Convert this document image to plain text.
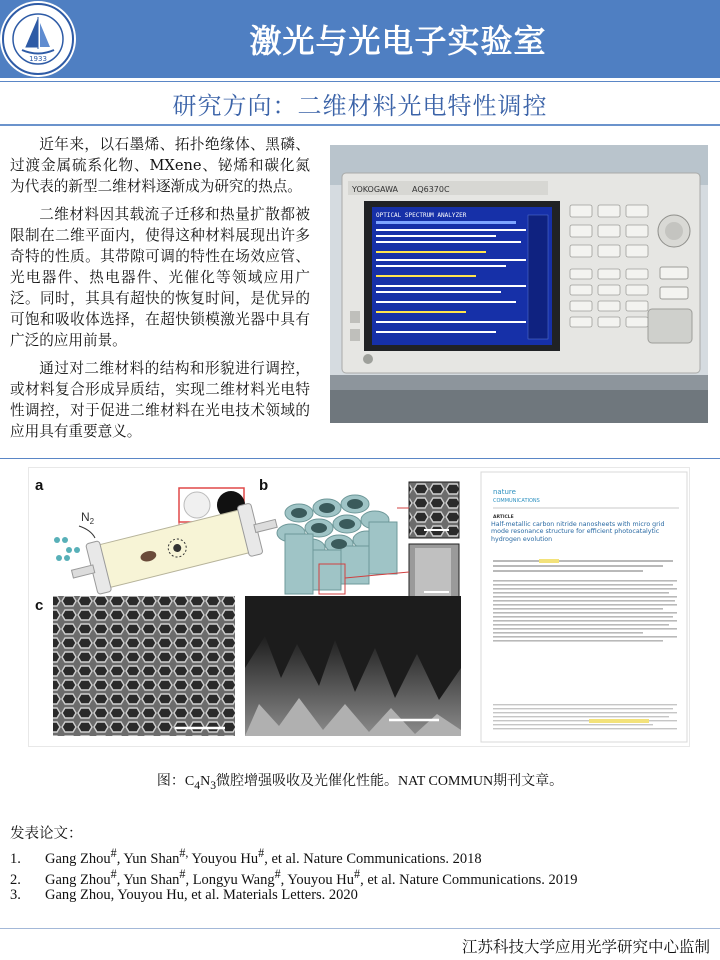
1933	激光与光电子实验室
研究方向：二维材料光电特性调控

近年来，以石墨烯、拓扑绝缘体、黑磷、过渡金属硫系化物、MXene、铋烯和碳化氮为代表的新型二维材料逐渐成为研究的热点。

二维材料因其载流子迁移和热量扩散都被限制在二维平面内，使得这种材料展现出许多奇特的性质。其带隙可调的特性在场效应管、光电器件、热电器件、光催化等领域应用广泛。同时，其具有超快的恢复时间，是优异的可饱和吸收体选择，在超快锁模激光器中具有广泛的应用前景。

通过对二维材料的结构和形貌进行调控，或材料复合形成异质结，实现二维材料光电特性调控，对于促进二维材料在光电技术领域的应用具有重要意义。

YOKOGAWA AQ6370C
OPTICAL SPECTRUM ANALYZER
a
$N_2$
b
c
nature
COMMUNICATIONS
ARTICLE
Half-metallic carbon nitride nanosheets with micro grid mode resonance structure for efficient photocatalytic hydrogen evolution
图：$C_4N_3$微腔增强吸收及光催化性能。NAT COMMUN期刊文章。
发表论文：
1. Gang Zhou#, Yun Shan#, Youyou Hu#, et al. Nature Communications. 2018
2. Gang Zhou#, Yun Shan#, Longyu Wang#, Youyou Hu#, et al. Nature Communications. 2019
3. Gang Zhou, Youyou Hu, et al. Materials Letters. 2020
江苏科技大学应用光学研究中心监制
